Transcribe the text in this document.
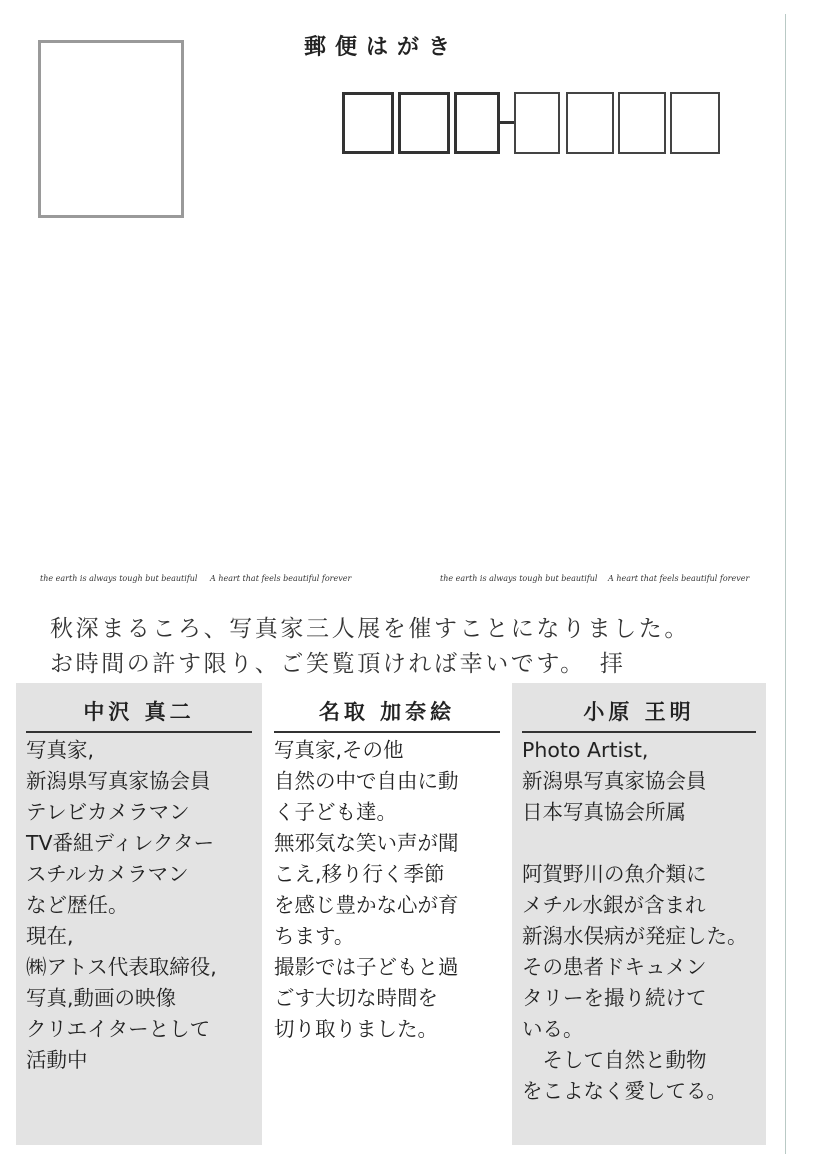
郵便はがき
the earth is always tough but beautiful A heart that feels beautiful forever	the earth is always tough but beautiful A heart that feels beautiful forever
秋深まるころ、写真家三人展を催すことになりました。
お時間の許す限り、ご笑覧頂ければ幸いです。　拝
中沢 真二
写真家,
新潟県写真家協会員
テレビカメラマン
TV番組ディレクター
スチルカメラマン
など歴任。
現在,
㈱アトス代表取締役,
写真,動画の映像
クリエイターとして
活動中
名取 加奈絵
写真家,その他
自然の中で自由に動
く子ども達。
無邪気な笑い声が聞
こえ,移り行く季節
を感じ豊かな心が育
ちます。
撮影では子どもと過
ごす大切な時間を
切り取りました。
小原 王明
Photo Artist,
新潟県写真家協会員
日本写真協会所属

阿賀野川の魚介類に
メチル水銀が含まれ
新潟水俣病が発症した。
その患者ドキュメン
タリーを撮り続けて
いる。
　そして自然と動物
をこよなく愛してる。
